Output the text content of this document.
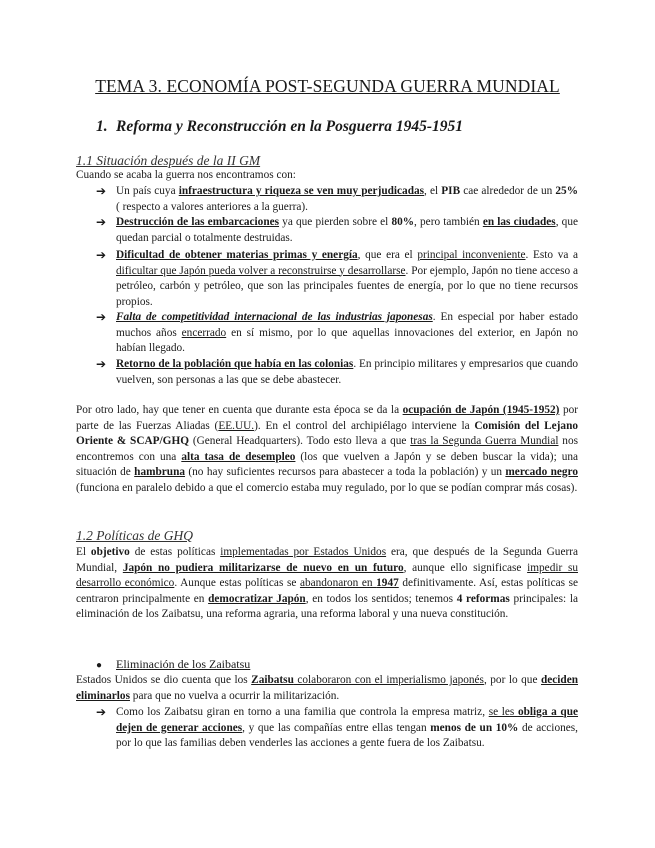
TEMA 3. ECONOMÍA POST-SEGUNDA GUERRA MUNDIAL
1. Reforma y Reconstrucción en la Posguerra 1945-1951
1.1 Situación después de la II GM
Cuando se acaba la guerra nos encontramos con:
➔ Un país cuya infraestructura y riqueza se ven muy perjudicadas, el PIB cae alrededor de un 25% ( respecto a valores anteriores a la guerra).
➔ Destrucción de las embarcaciones ya que pierden sobre el 80%, pero también en las ciudades, que quedan parcial o totalmente destruidas.
➔ Dificultad de obtener materias primas y energía, que era el principal inconveniente. Esto va a dificultar que Japón pueda volver a reconstruirse y desarrollarse. Por ejemplo, Japón no tiene acceso a petróleo, carbón y petróleo, que son las principales fuentes de energía, por lo que no tiene recursos propios.
➔ Falta de competitividad internacional de las industrias japonesas. En especial por haber estado muchos años encerrado en sí mismo, por lo que aquellas innovaciones del exterior, en Japón no habían llegado.
➔ Retorno de la población que había en las colonias. En principio militares y empresarios que cuando vuelven, son personas a las que se debe abastecer.
Por otro lado, hay que tener en cuenta que durante esta época se da la ocupación de Japón (1945-1952) por parte de las Fuerzas Aliadas (EE.UU.). En el control del archipiélago interviene la Comisión del Lejano Oriente & SCAP/GHQ (General Headquarters). Todo esto lleva a que tras la Segunda Guerra Mundial nos encontremos con una alta tasa de desempleo (los que vuelven a Japón y se deben buscar la vida); una situación de hambruna (no hay suficientes recursos para abastecer a toda la población) y un mercado negro (funciona en paralelo debido a que el comercio estaba muy regulado, por lo que se podían comprar más cosas).
1.2 Políticas de GHQ
El objetivo de estas políticas implementadas por Estados Unidos era, que después de la Segunda Guerra Mundial, Japón no pudiera militarizarse de nuevo en un futuro, aunque ello significase impedir su desarrollo económico. Aunque estas políticas se abandonaron en 1947 definitivamente. Así, estas políticas se centraron principalmente en democratizar Japón, en todos los sentidos; tenemos 4 reformas principales: la eliminación de los Zaibatsu, una reforma agraria, una reforma laboral y una nueva constitución.
● Eliminación de los Zaibatsu
Estados Unidos se dio cuenta que los Zaibatsu colaboraron con el imperialismo japonés, por lo que deciden eliminarlos para que no vuelva a ocurrir la militarización.
➔ Como los Zaibatsu giran en torno a una familia que controla la empresa matriz, se les obliga a que dejen de generar acciones, y que las compañías entre ellas tengan menos de un 10% de acciones, por lo que las familias deben venderles las acciones a gente fuera de los Zaibatsu.
